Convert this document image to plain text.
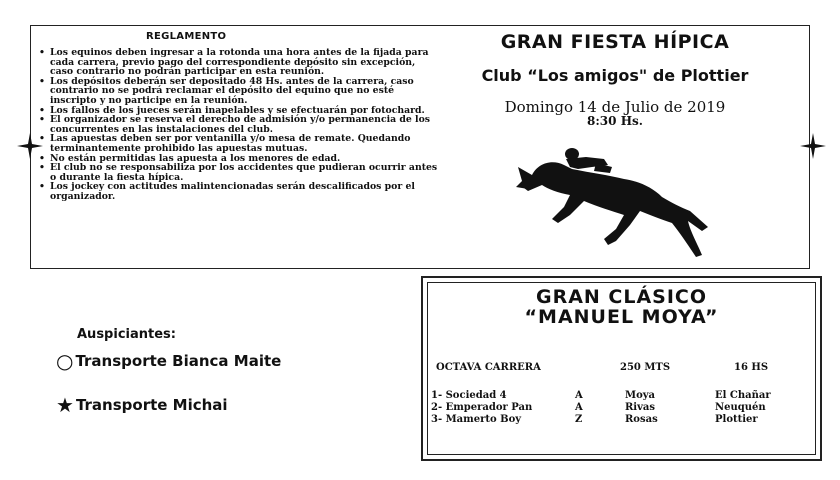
REGLAMENTO
• Los equinos deben ingresar a la rotonda una hora antes de la fijada para cada carrera, previo pago del correspondiente depósito sin excepción, caso contrario no podrán participar en esta reunión.
• Los depósitos deberán ser depositado 48 Hs. antes de la carrera, caso contrario no se podrá reclamar el depósito del equino que no esté inscripto y no participe en la reunión.
• Los fallos de los jueces serán inapelables y se efectuarán por fotochard.
• El organizador se reserva el derecho de admisión y/o permanencia de los concurrentes en las instalaciones del club.
• Las apuestas deben ser por ventanilla y/o mesa de remate. Quedando terminantemente prohibido las apuestas mutuas.
• No están permitidas las apuesta a los menores de edad.
• El club no se responsabiliza por los accidentes que pudieran ocurrir antes o durante la fiesta hípica.
• Los jockey con actitudes malintencionadas serán descalificados por el organizador.
GRAN FIESTA HÍPICA
Club “Los amigos" de Plottier
Domingo 14 de Julio de 2019
8:30 Hs.
Auspiciantes:
○ Transporte Bianca Maite
★ Transporte Michai
GRAN CLÁSICO
“MANUEL MOYA”
OCTAVA CARRERA	250 MTS	16 HS
1- Sociedad 4	A	Moya	El Chañar
2- Emperador Pan	A	Rivas	Neuquén
3- Mamerto Boy	Z	Rosas	Plottier
